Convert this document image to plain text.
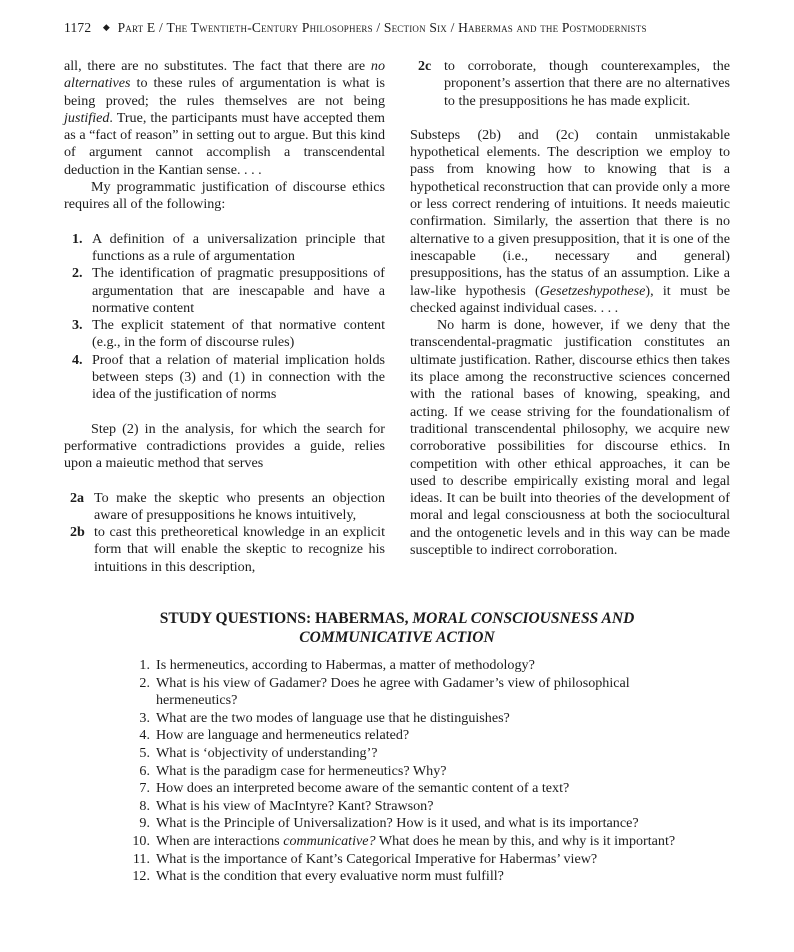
1172 ◆ Part E / The Twentieth-Century Philosophers / Section Six / Habermas and the Postmodernists

all, there are no substitutes. The fact that there are no alternatives to these rules of argumentation is what is being proved; the rules themselves are not being justified. True, the participants must have accepted them as a “fact of reason” in setting out to argue. But this kind of argument cannot accomplish a transcendental deduction in the Kantian sense. . . .

My programmatic justification of discourse ethics requires all of the following:

1. A definition of a universalization principle that functions as a rule of argumentation
2. The identification of pragmatic presuppositions of argumentation that are inescapable and have a normative content
3. The explicit statement of that normative content (e.g., in the form of discourse rules)
4. Proof that a relation of material implication holds between steps (3) and (1) in connection with the idea of the justification of norms

Step (2) in the analysis, for which the search for performative contradictions provides a guide, relies upon a maieutic method that serves

2a To make the skeptic who presents an objection aware of presuppositions he knows intuitively,
2b to cast this pretheoretical knowledge in an explicit form that will enable the skeptic to recognize his intuitions in this description,
2c to corroborate, though counterexamples, the proponent’s assertion that there are no alternatives to the presuppositions he has made explicit.

Substeps (2b) and (2c) contain unmistakable hypothetical elements. The description we employ to pass from knowing how to knowing that is a hypothetical reconstruction that can provide only a more or less correct rendering of intuitions. It needs maieutic confirmation. Similarly, the assertion that there is no alternative to a given presupposition, that it is one of the inescapable (i.e., necessary and general) presuppositions, has the status of an assumption. Like a law-like hypothesis (Gesetzeshypothese), it must be checked against individual cases. . . .

No harm is done, however, if we deny that the transcendental-pragmatic justification constitutes an ultimate justification. Rather, discourse ethics then takes its place among the reconstructive sciences concerned with the rational bases of knowing, speaking, and acting. If we cease striving for the foundationalism of traditional transcendental philosophy, we acquire new corroborative possibilities for discourse ethics. In competition with other ethical approaches, it can be used to describe empirically existing moral and legal ideas. It can be built into theories of the development of moral and legal consciousness at both the sociocultural and the ontogenetic levels and in this way can be made susceptible to indirect corroboration.

STUDY QUESTIONS: HABERMAS, MORAL CONSCIOUSNESS AND COMMUNICATIVE ACTION
1. Is hermeneutics, according to Habermas, a matter of methodology?
2. What is his view of Gadamer? Does he agree with Gadamer’s view of philosophical hermeneutics?
3. What are the two modes of language use that he distinguishes?
4. How are language and hermeneutics related?
5. What is ‘objectivity of understanding’?
6. What is the paradigm case for hermeneutics? Why?
7. How does an interpreted become aware of the semantic content of a text?
8. What is his view of MacIntyre? Kant? Strawson?
9. What is the Principle of Universalization? How is it used, and what is its importance?
10. When are interactions communicative? What does he mean by this, and why is it important?
11. What is the importance of Kant’s Categorical Imperative for Habermas’ view?
12. What is the condition that every evaluative norm must fulfill?
